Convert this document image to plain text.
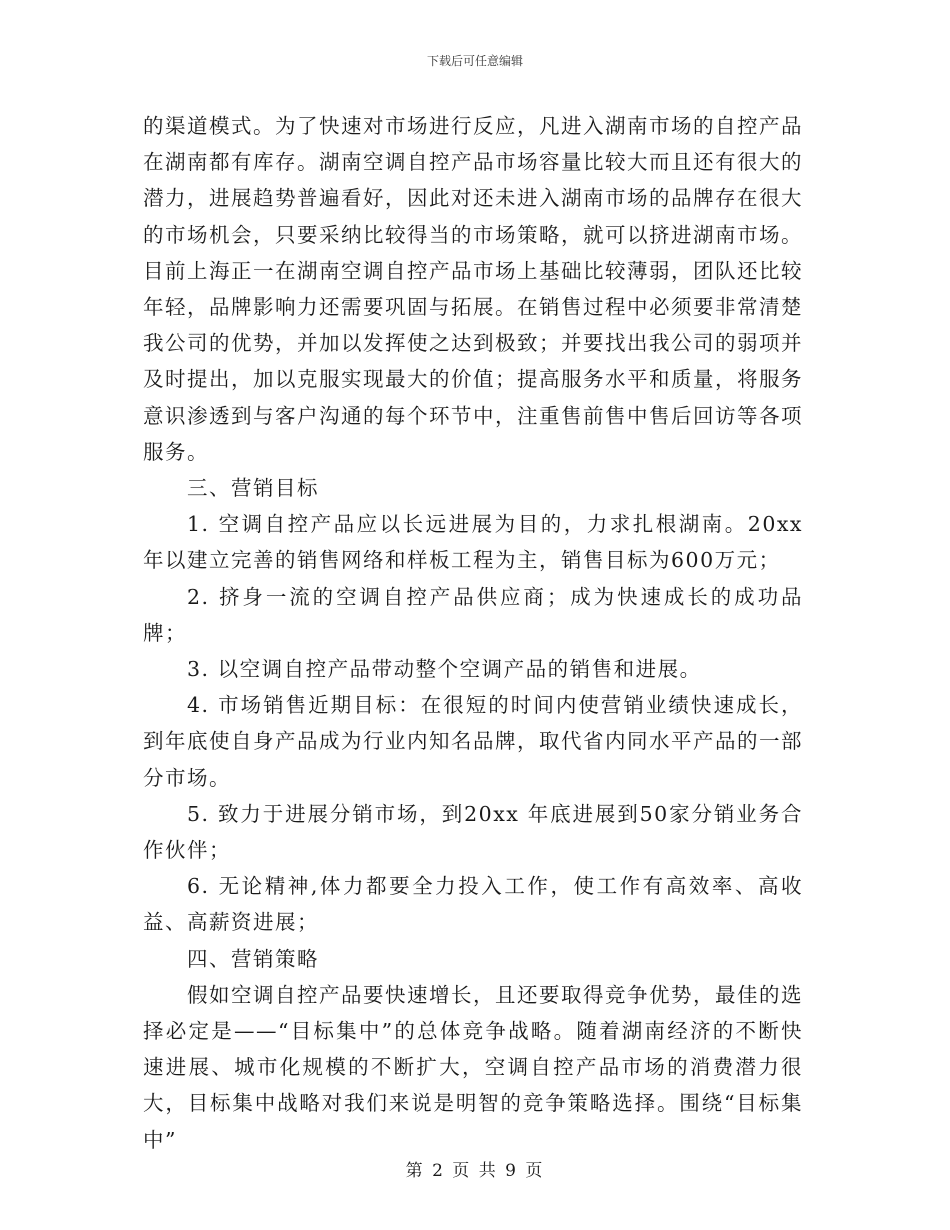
下载后可任意编辑

的渠道模式。为了快速对市场进行反应，凡进入湖南市场的自控产品在湖南都有库存。湖南空调自控产品市场容量比较大而且还有很大的潜力，进展趋势普遍看好，因此对还未进入湖南市场的品牌存在很大的市场机会，只要采纳比较得当的市场策略，就可以挤进湖南市场。目前上海正一在湖南空调自控产品市场上基础比较薄弱，团队还比较年轻，品牌影响力还需要巩固与拓展。在销售过程中必须要非常清楚我公司的优势，并加以发挥使之达到极致；并要找出我公司的弱项并及时提出，加以克服实现最大的价值；提高服务水平和质量，将服务意识渗透到与客户沟通的每个环节中，注重售前售中售后回访等各项服务。

三、营销目标

1. 空调自控产品应以长远进展为目的，力求扎根湖南。20xx 年以建立完善的销售网络和样板工程为主，销售目标为600万元；

2. 挤身一流的空调自控产品供应商；成为快速成长的成功品牌；

3. 以空调自控产品带动整个空调产品的销售和进展。

4. 市场销售近期目标：在很短的时间内使营销业绩快速成长，到年底使自身产品成为行业内知名品牌，取代省内同水平产品的一部分市场。

5. 致力于进展分销市场，到20xx 年底进展到50家分销业务合作伙伴；

6. 无论精神,体力都要全力投入工作，使工作有高效率、高收益、高薪资进展；

四、营销策略

假如空调自控产品要快速增长，且还要取得竞争优势，最佳的选择必定是——“目标集中”的总体竞争战略。随着湖南经济的不断快速进展、城市化规模的不断扩大，空调自控产品市场的消费潜力很大，目标集中战略对我们来说是明智的竞争策略选择。围绕“目标集中”

第 2 页 共 9 页
